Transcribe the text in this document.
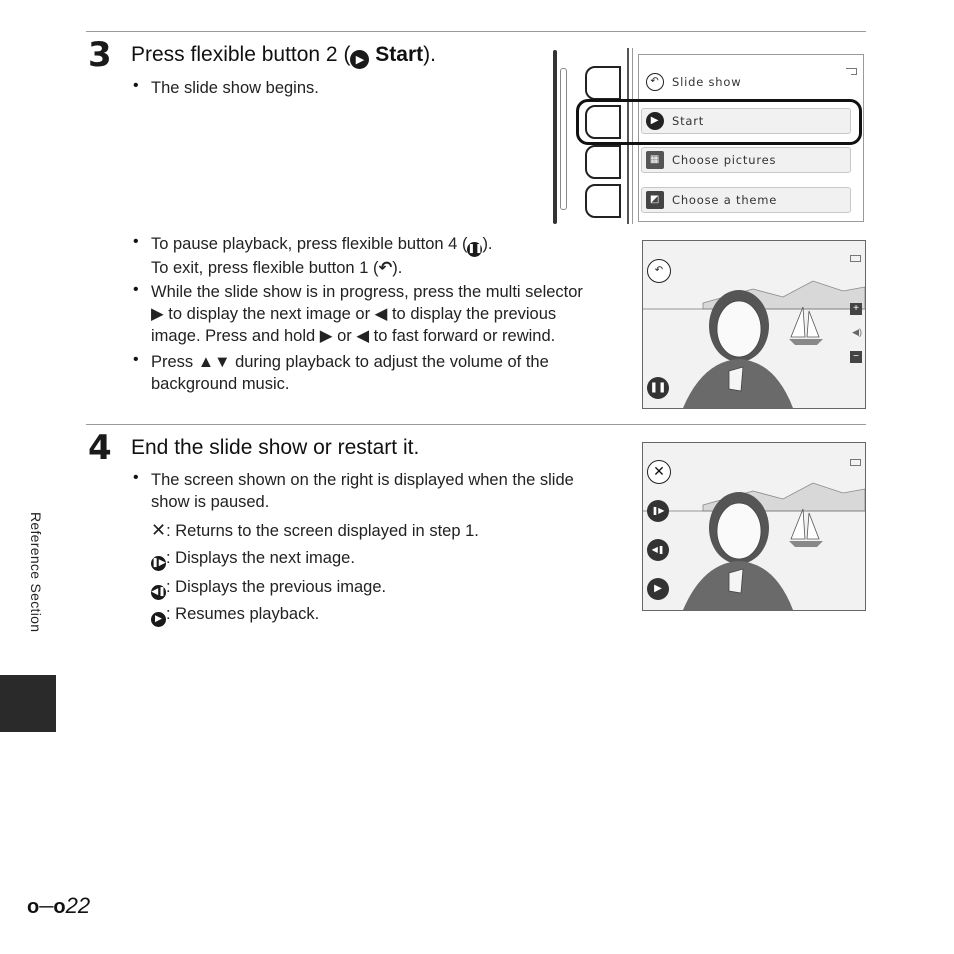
3 Press flexible button 2 ( ▶ Start).
• The slide show begins.	↶	Slide show
▶	Start
▦	Choose pictures
◩	Choose a theme
• To pause playback, press flexible button 4 (❚❚).
To exit, press flexible button 1 (↶).
• While the slide show is in progress, press the multi selector
▶ to display the next image or ◀ to display the previous
image. Press and hold ▶ or ◀ to fast forward or rewind.
• Press ▲▼ during playback to adjust the volume of the
background music.
↶
❚❚
+
◀)
−
4 End the slide show or restart it.
• The screen shown on the right is displayed when the slide
show is paused.
✕: Returns to the screen displayed in step 1.
❚▶: Displays the next image.
◀❚: Displays the previous image.
▶ : Resumes playback.
✕
❚▶
◀❚
▶
Reference Section
o─o22
